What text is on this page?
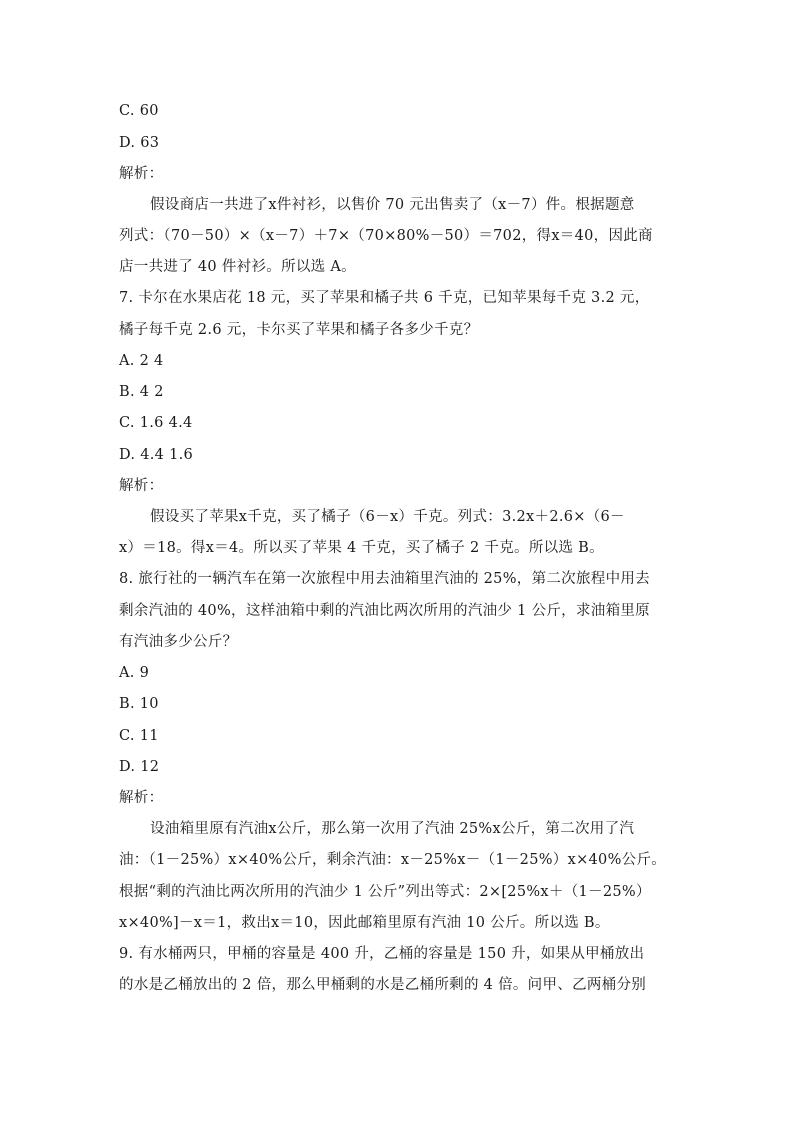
C. 60
D. 63
解析：
假设商店一共进了x件衬衫，以售价 70 元出售卖了（x－7）件。根据题意
列式：（70－50）×（x－7）＋7×（70×80%－50）＝702，得x＝40，因此商
店一共进了 40 件衬衫。所以选 A。
7. 卡尔在水果店花 18 元，买了苹果和橘子共 6 千克，已知苹果每千克 3.2 元，
橘子每千克 2.6 元，卡尔买了苹果和橘子各多少千克？
A. 2 4
B. 4 2
C. 1.6 4.4
D. 4.4 1.6
解析：
假设买了苹果x千克，买了橘子（6－x）千克。列式：3.2x＋2.6×（6－
x）＝18。得x＝4。所以买了苹果 4 千克，买了橘子 2 千克。所以选 B。
8. 旅行社的一辆汽车在第一次旅程中用去油箱里汽油的 25%，第二次旅程中用去
剩余汽油的 40%，这样油箱中剩的汽油比两次所用的汽油少 1 公斤，求油箱里原
有汽油多少公斤？
A. 9
B. 10
C. 11
D. 12
解析：
设油箱里原有汽油x公斤，那么第一次用了汽油 25%x公斤，第二次用了汽
油：（1－25%）x×40%公斤，剩余汽油：x－25%x－（1－25%）x×40%公斤。
根据“剩的汽油比两次所用的汽油少 1 公斤”列出等式：2×[25%x＋（1－25%）
x×40%]－x＝1，救出x＝10，因此邮箱里原有汽油 10 公斤。所以选 B。
9. 有水桶两只，甲桶的容量是 400 升，乙桶的容量是 150 升，如果从甲桶放出
的水是乙桶放出的 2 倍，那么甲桶剩的水是乙桶所剩的 4 倍。问甲、乙两桶分别
